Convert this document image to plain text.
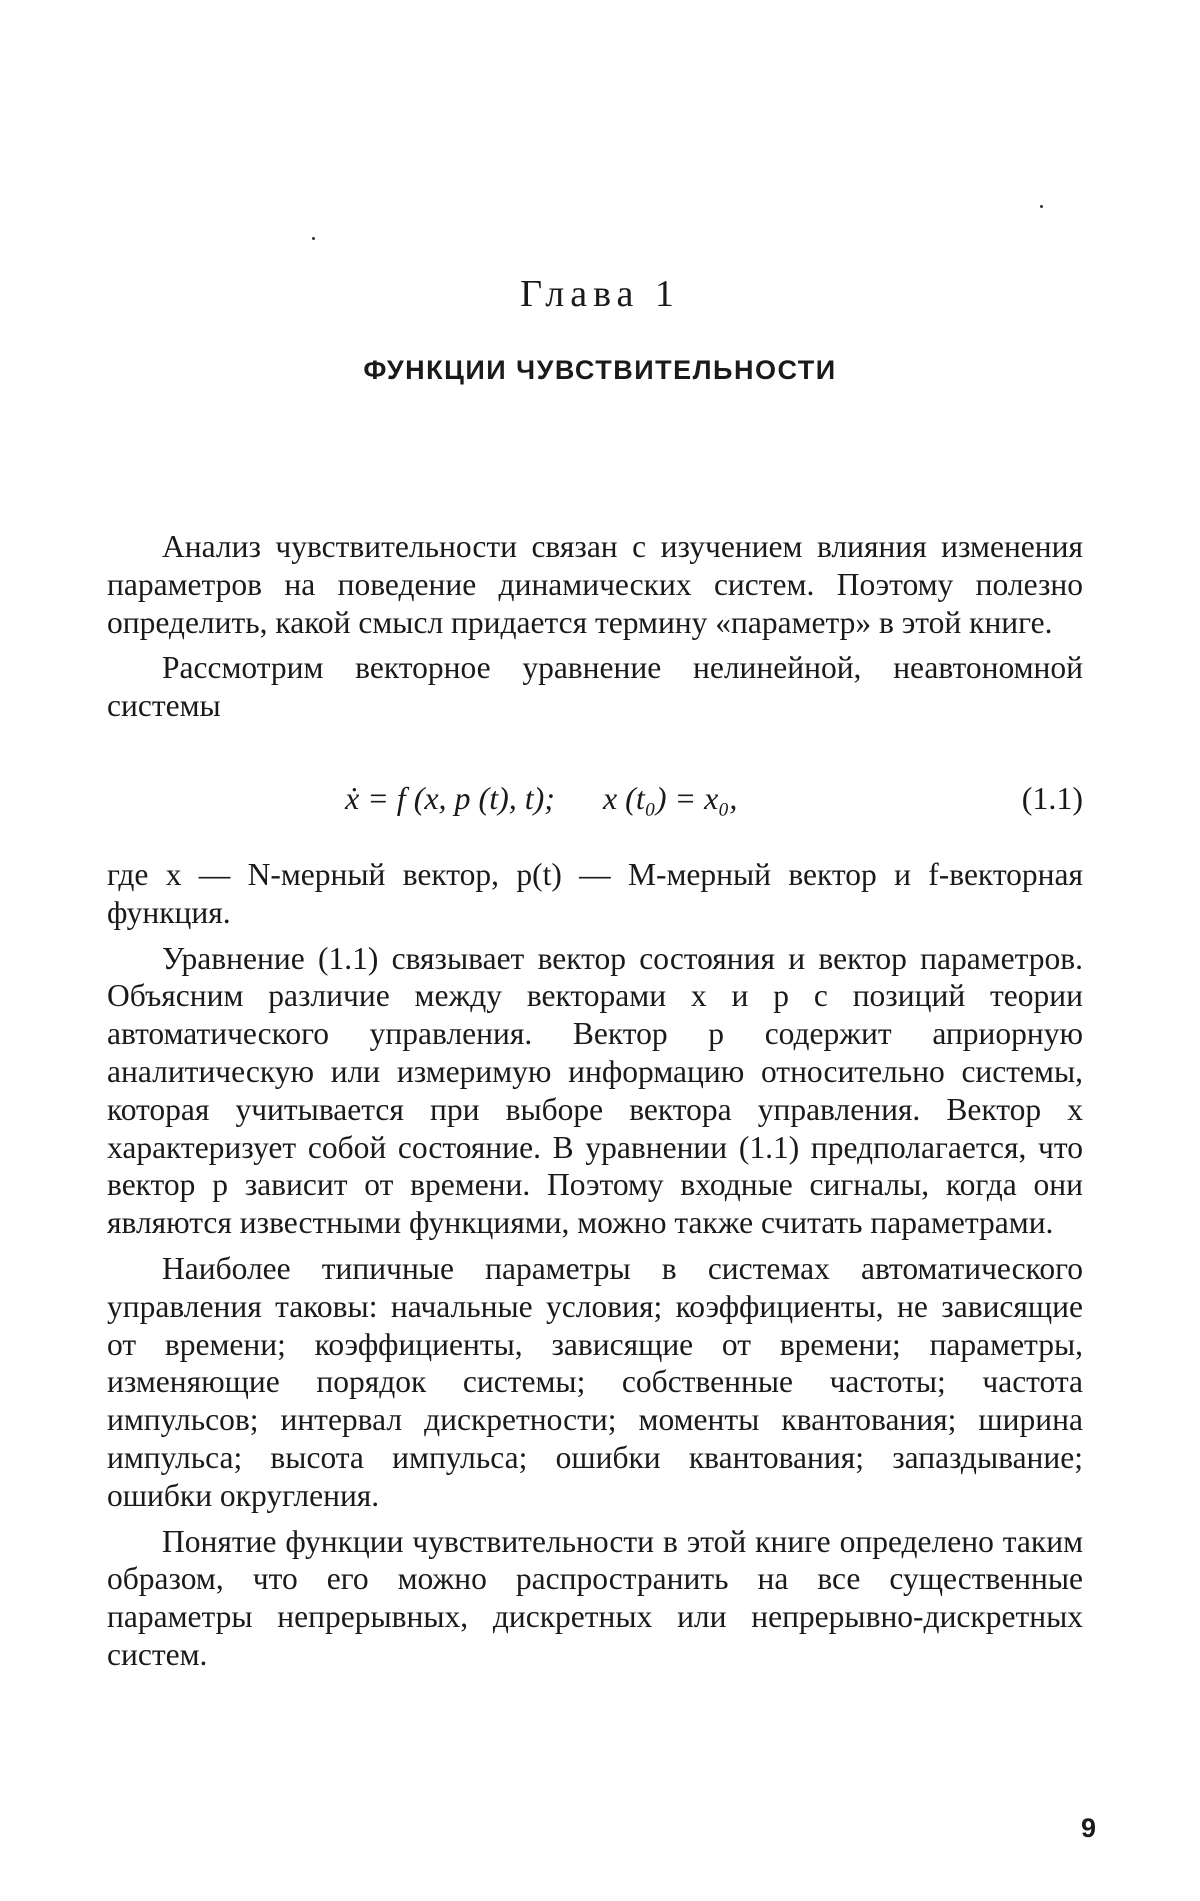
Глава 1
ФУНКЦИИ ЧУВСТВИТЕЛЬНОСТИ

Анализ чувствительности связан с изучением влияния изменения параметров на поведение динамических систем. Поэтому полезно определить, какой смысл придается термину «параметр» в этой книге.

Рассмотрим векторное уравнение нелинейной, неавтономной системы

ẋ = f (x, p (t), t);      x (t₀) = x₀,	(1.1)

где x — N-мерный вектор, p(t) — M-мерный вектор и f-векторная функция.

Уравнение (1.1) связывает вектор состояния и вектор параметров. Объясним различие между векторами x и p с позиций теории автоматического управления. Вектор p содержит априорную аналитическую или измеримую информацию относительно системы, которая учитывается при выборе вектора управления. Вектор x характеризует собой состояние. В уравнении (1.1) предполагается, что вектор p зависит от времени. Поэтому входные сигналы, когда они являются известными функциями, можно также считать параметрами.

Наиболее типичные параметры в системах автоматического управления таковы: начальные условия; коэффициенты, не зависящие от времени; коэффициенты, зависящие от времени; параметры, изменяющие порядок системы; собственные частоты; частота импульсов; интервал дискретности; моменты квантования; ширина импульса; высота импульса; ошибки квантования; запаздывание; ошибки округления.

Понятие функции чувствительности в этой книге определено таким образом, что его можно распространить на все существенные параметры непрерывных, дискретных или непрерывно-дискретных систем.

9
